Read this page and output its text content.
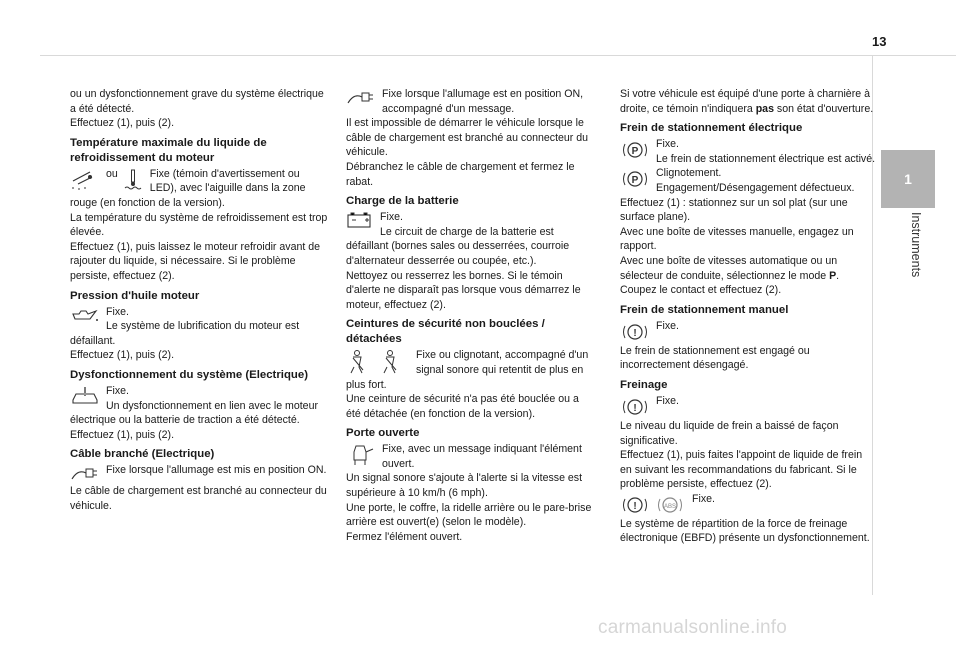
13
1
Instruments

ou un dysfonctionnement grave du système électrique a été détecté.

Effectuez (1), puis (2).

Température maximale du liquide de refroidissement du moteur
ou	Fixe (témoin d'avertissement ou LED), avec l'aiguille dans la zone rouge (en fonction de la version).

La température du système de refroidissement est trop élevée.

Effectuez (1), puis laissez le moteur refroidir avant de rajouter du liquide, si nécessaire. Si le problème persiste, effectuez (2).

Pression d'huile moteur

Fixe.

Le système de lubrification du moteur est défaillant.

Effectuez (1), puis (2).

Dysfonctionnement du système (Electrique)

Fixe.

Un dysfonctionnement en lien avec le moteur électrique ou la batterie de traction a été détecté.

Effectuez (1), puis (2).

Câble branché (Electrique)

Fixe lorsque l'allumage est mis en position ON.

Le câble de chargement est branché au connecteur du véhicule.

Fixe lorsque l'allumage est en position ON, accompagné d'un message.

Il est impossible de démarrer le véhicule lorsque le câble de chargement est branché au connecteur du véhicule.

Débranchez le câble de chargement et fermez le rabat.

Charge de la batterie

Fixe.

Le circuit de charge de la batterie est défaillant (bornes sales ou desserrées, courroie d'alternateur desserrée ou coupée, etc.).

Nettoyez ou resserrez les bornes. Si le témoin d'alerte ne disparaît pas lorsque vous démarrez le moteur, effectuez (2).

Ceintures de sécurité non bouclées / détachées

Fixe ou clignotant, accompagné d'un signal sonore qui retentit de plus en plus fort.

Une ceinture de sécurité n'a pas été bouclée ou a été détachée (en fonction de la version).

Porte ouverte

Fixe, avec un message indiquant l'élément ouvert.

Un signal sonore s'ajoute à l'alerte si la vitesse est supérieure à 10 km/h (6 mph).

Une porte, le coffre, la ridelle arrière ou le pare-brise arrière est ouvert(e) (selon le modèle).

Fermez l'élément ouvert.

Si votre véhicule est équipé d'une porte à charnière à droite, ce témoin n'indiquera pas son état d'ouverture.

Frein de stationnement électrique
P

Fixe.

Le frein de stationnement électrique est activé.

P

Clignotement.

Engagement/Désengagement défectueux.

Effectuez (1) : stationnez sur un sol plat (sur une surface plane).

Avec une boîte de vitesses manuelle, engagez un rapport.

Avec une boîte de vitesses automatique ou un sélecteur de conduite, sélectionnez le mode P.

Coupez le contact et effectuez (2).

Frein de stationnement manuel
!

Fixe.

Le frein de stationnement est engagé ou incorrectement désengagé.

Freinage
!

Fixe.

Le niveau du liquide de frein a baissé de façon significative.

Effectuez (1), puis faites l'appoint de liquide de frein en suivant les recommandations du fabricant. Si le problème persiste, effectuez (2).

!	ABS

Fixe.

Le système de répartition de la force de freinage électronique (EBFD) présente un dysfonctionnement.

carmanualsonline.info
